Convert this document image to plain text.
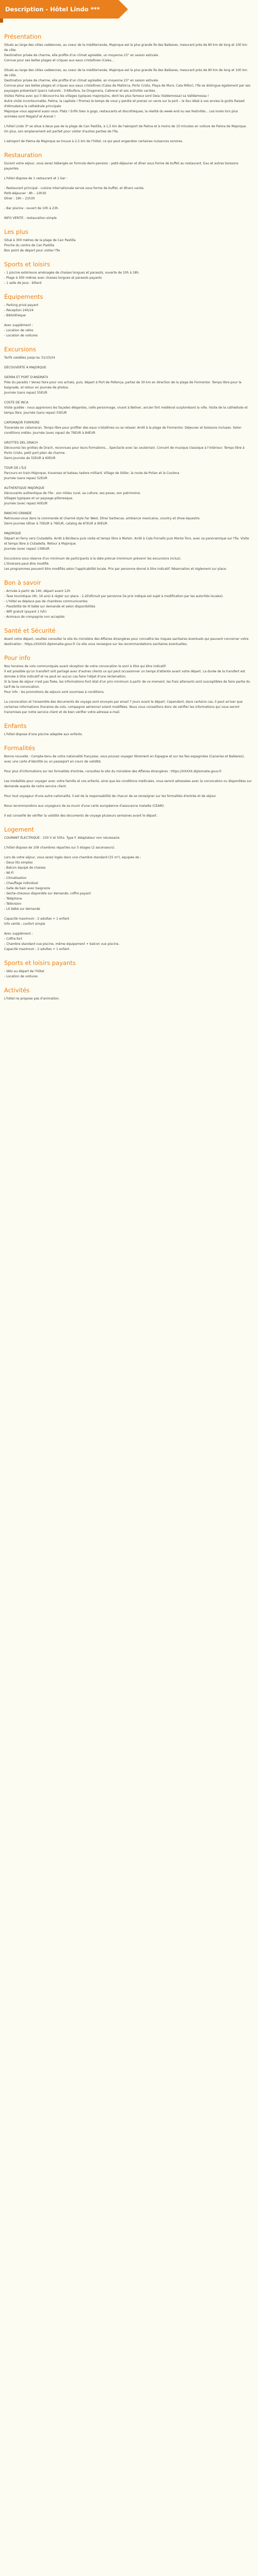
Description - Hôtel Lindo ***
Présentation

Situés au large des côtes vadéennes, au coeur de la méditerranée, Majorque est la plus grande île des Baléares, mesurant près de 80 km de long et 100 km de côte.
Destination prisée de charme, elle profite d'un climat agréable, un moyenne 23° en saison estivale.
Connue pour ses belles plages et criques aux eaux cristallines (Calas...

Situés au large des côtes vadéennes, au coeur de la méditerranée, Majorque est la plus grande île des Baléares, mesurant près de 80 km de long et 100 km de côte.
Destination prisée de charme, elle profite d'un climat agréable, en moyenne 23° en saison estivale.
Connue pour ses belles plages et criques aux eaux cristallines (Calas de Mallorca, Porto Cristo, Playa de Muro, Cala Millor), l'île se distingue également par ses paysages présentant (parcs naturels : S'Albufera, Sa Dragonera, Cabrera) et ses activités variées.
Visitez Palma avec qui il découvrira les villages typiques majorquins, dont les plus fameux sont Deia (Valdemossa) sa Valldemossa !
Autre visite incontournable, Palma, la capitale ! Promez le temps de vous y perdre et prenez un verre sur le port – le lieu idéal à vos envies le goûts Raised d'Almudaina la cathédrale principale
Majorque vous apprend aussi vous. Plats ! Enfin bien à gogo, restaurants et discothèques, la réalité du week-end ou ses festivités... Les lonès lors plus animées sont Magaluf et Arenal !

L'hôtel Lindo 3* se situe à deux pas de la plage de Can Pastilla, à 1,5 km de l'aéroport de Palma et à moins de 10 minutes en voiture de Palma de Majorque.
On plus, son emplacement est parfait pour visiter d'autres parties de l'île.

L'aéroport de Palma de Majorque se trouve à 2,5 km de l'hôtel, ce qui peut engendrer certaines nuisances sonores.

Restauration

Durant votre séjour, vous serez hébergés en formule demi-pension : petit-déjeuner et dîner sous forme de buffet au restaurant. Eau et autres boissons payantes.

L'hôtel dispose de 1 restaurant et 1 bar :

- Restaurant principal : cuisine internationale servie sous forme de buffet, et dîners variés.
Petit-déjeuner : 8h – 10h30
Dîner : 19h – 21h30

- Bar piscine : ouvert de 10h à 23h.

INFO VERITE : restauration simple

Les plus

Situé à 300 mètres de la plage de Can Pastilla
Proche du centre de Can Pastilla
Bon point de départ pour visiter l'île

Sports et loisirs

- 1 piscine extérieure aménagée de chaises longues et parasols, ouverte de 10h à 18h.
- Plage à 300 mètres avec chaises longues et parasols payants
- 1 salle de jeux : billard

Équipements

- Parking privé payant
- Réception 24h/24
- Bibliothèque

Avec supplément :
- Location de vélos
- Location de voitures

Excursions

Tarifs valables jusqu'au 31/10/24

DÉCOUVERTE À MAJORQUE

SIERRA ET PORT D'ANDRATX
Près du paradis ! Venez faire pour vos achats, puis, départ à Port de Pollença, partez de 30 km en direction de la plage de Formentor. Temps libre pour la baignade, et retour en journée de photos.
Journée (sans repas) 55EUR

COSTE DE INCA
Visite guidée : nous apprenons les façades élégantes, celle personnage, vivant à Bellver, ancien fort médiéval surplombant la ville. Visite de la cathédrale et temps libre. Journée (sans repas) 55EUR

CAPOMAJOR FORMORE
Traversée en catamaran. Temps libre pour profiter des eaux cristallines ou se relaxer. Arrêt à la plage de Formentor. Déjeuner et boissons incluses. Selon conditions météo. Journée (avec repas) de 79EUR à 84EUR

GROTTES DEL DRACH
Découvrez les grottes de Drach, reconnues pour leurs formations... Spectacle avec lac souterrain. Concert de musique classique à l'intérieur. Temps libre à Porto Cristo, petit port plein de charme.
Demi-journée de 55EUR à 60EUR

TOUR DE L'ÎLE
Parcours en train Majorque, traversez et bateau tadore milliard. Village de Sóller, la route de Poilan et la Coulona
Journée (sans repas) 52EUR

AUTHENTIQUE MAJORQUE
Découverte authentique de l'île : son milieu rural, sa culture, ses posas, son patrimoine.
Villages typiques et un paysage pittoresque.
Journée (avec repas) 60EUR

RANCHO GRANDE
Retrouvez-vous dans la commande et charmé style Far West. Dîner barbecue, ambiance mexicaine, country et show équestre.
Demi-journée (dîner à 70EUR à 76EUR, catalog de 87EUR à 90EUR

MAJORQUE
Départ en ferry vers Ciutadella. Arrêt à Binibeca puis visite et temps libre à Mahón. Arrêt à Cala Fornells puis Monte Toro, avec sa panoramique sur l'île. Visite et temps libre à Ciutadella. Retour à Majorque.
Journée (avec repas) 139EUR

Excursions sous réserve d'un minimum de participants à la date prévue (minimum prévenir les excursions inclus).
L'itinéraire peut être modifié.
Les programmes peuvent être modifiés selon l'applicabilité locale. Prix par personne donné à titre indicatif. Réservation et règlement sur place.

Bon à savoir

- Arrivée à partir de 14h, départ avant 12h
- Taxe touristique (4h, 16 ans) à régler sur place : 2,2EUR/nuit par personne (le prix indiqué est sujet à modification par les autorités locales).
- L'hôtel se déplace pas de chambres communicantes
- Possibilité de lit bébé sur demande et selon disponibilités
- Wifi gratuit (payant 1 h/h)
- Animaux de compagnie non acceptés

Santé et Sécurité

Avant votre départ, veuillez consulter le site du ministère des Affaires étrangères pour connaître les risques sanitaires éventuels qui peuvent concerner votre destination : https://XXXXX.diplomatie.gouv.fr Ce site vous renseigne sur les recommandations sanitaires éventuelles.

Pour info

Nos horaires de vols communiqués avant réception de votre convocation le sont à titre qui être indicatif.
Il est possible qu'un transfert soit partagé avec d'autres clients ce qui peut occasionner un temps d'attente avant votre départ. La durée de la transfert est donnée à titre indicatif et ne peut en aucun cas faire l'objet d'une réclamation.
Si la taxe de séjour n'est pas fixée, les informations font état d'un prix minimum à partir de ce moment, les frais attenants sont susceptibles de faire partie du tarif de la convocation.
Pour info : les promotions de séjours sont soumises à conditions.

La convocation et l'ensemble des documents de voyage sont envoyés par email 7 jours avant le départ. Cependant, dans certains cas, il peut arriver que certaines informations (horaires de vols, compagnie aérienne) soient modifiées. Nous vous conseillons donc de vérifier les informations qui vous seront transmises par notre service client et de bien vérifier votre adresse e-mail.

Enfants

L'hôtel dispose d'une piscine adaptée aux enfants.

Formalités

Bonne nouvelle : Compte-tenu de votre nationalité française, vous pouvez voyager librement en Espagne et sur les îles espagnoles (Canaries et Baléares), avec une carte d'identité ou un passeport en cours de validité.

Pour plus d'informations sur les formalités d'entrée, consultez le site du ministère des Affaires étrangères : https://XXXXX.diplomatie.gouv.fr

Les modalités pour voyager avec votre famille et vos enfants, ainsi que les conditions médicales, vous seront adressées avec la convocation ou disponibles sur demande auprès de notre service client.

Pour tout voyageur d'une autre nationalité, il est de la responsabilité de chacun de se renseigner sur les formalités d'entrée et de séjour.

Nous recommandons aux voyageurs de se munir d'une carte européenne d'assurance maladie (CEAM).

Il est conseillé de vérifier la validité des documents de voyage plusieurs semaines avant le départ.

Logement

COURANT ÉLECTRIQUE : 230 V et 50hz. Type F. Adaptateur non nécessaire.

L'hôtel dispose de 109 chambres réparties sur 5 étages (2 ascenseurs).

Lors de votre séjour, vous serez logés dans une chambre standard (25 m²), équipée de :
- Deux lits simples
- Balcon équipé de chaises
- Wi-Fi
- Climatisation
- Chauffage individuel
- Salle de bain avec baignoire
- Sèche-cheveux disponible sur demande, coffre payant
- Téléphone
- Télévision
- Lit bébé sur demande

Capacité maximum : 2 adultes + 1 enfant
Info vérité : confort simple

Avec supplément :
- Coffre-fort
- Chambre standard vue piscine, même équipement + balcon vue piscine.
Capacité maximum : 2 adultes + 1 enfant.

Sports et loisirs payants

- Vélo au départ de l'hôtel
- Location de voitures

Activités

L'hôtel ne propose pas d'animation.
